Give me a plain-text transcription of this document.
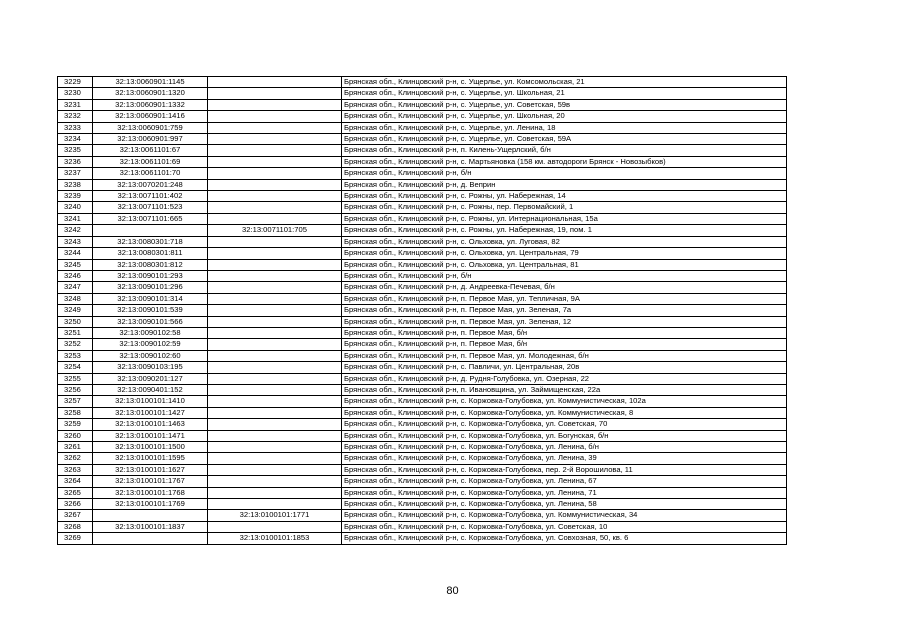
3229	32:13:0060901:1145		Брянская обл., Клинцовский р-н, с. Ущерлье, ул. Комсомольская, 21
3230	32:13:0060901:1320		Брянская обл., Клинцовский р-н, с. Ущерлье, ул. Школьная, 21
3231	32:13:0060901:1332		Брянская обл., Клинцовский р-н, с. Ущерлье, ул. Советская, 59в
3232	32:13:0060901:1416		Брянская обл., Клинцовский р-н, с. Ущерлье, ул. Школьная, 20
3233	32:13:0060901:759		Брянская обл., Клинцовский р-н, с. Ущерлье, ул. Ленина, 18
3234	32:13:0060901:997		Брянская обл., Клинцовский р-н, с. Ущерлье, ул. Советская, 59А
3235	32:13:0061101:67		Брянская обл., Клинцовский р-н, п. Килень-Ущерлский, б/н
3236	32:13:0061101:69		Брянская обл., Клинцовский р-н, с. Мартьяновка (158 км. автодороги Брянск - Новозыбков)
3237	32:13:0061101:70		Брянская обл., Клинцовский р-н, б/н
3238	32:13:0070201:248		Брянская обл., Клинцовский р-н, д. Веприн
3239	32:13:0071101:402		Брянская обл., Клинцовский р-н, с. Рожны, ул. Набережная, 14
3240	32:13:0071101:523		Брянская обл., Клинцовский р-н, с. Рожны, пер. Первомайский, 1
3241	32:13:0071101:665		Брянская обл., Клинцовский р-н, с. Рожны, ул. Интернациональная, 15а
3242		32:13:0071101:705	Брянская обл., Клинцовский р-н, с. Рожны, ул. Набережная, 19, пом. 1
3243	32:13:0080301:718		Брянская обл., Клинцовский р-н, с. Ольховка, ул. Луговая, 82
3244	32:13:0080301:811		Брянская обл., Клинцовский р-н, с. Ольховка, ул. Центральная, 79
3245	32:13:0080301:812		Брянская обл., Клинцовский р-н, с. Ольховка, ул. Центральная, 81
3246	32:13:0090101:293		Брянская обл., Клинцовский р-н, б/н
3247	32:13:0090101:296		Брянская обл., Клинцовский р-н, д. Андреевка-Печевая, б/н
3248	32:13:0090101:314		Брянская обл., Клинцовский р-н, п. Первое Мая, ул. Тепличная, 9А
3249	32:13:0090101:539		Брянская обл., Клинцовский р-н, п. Первое Мая, ул. Зеленая, 7а
3250	32:13:0090101:566		Брянская обл., Клинцовский р-н, п. Первое Мая, ул. Зеленая, 12
3251	32:13:0090102:58		Брянская обл., Клинцовский р-н, п. Первое Мая, б/н
3252	32:13:0090102:59		Брянская обл., Клинцовский р-н, п. Первое Мая, б/н
3253	32:13:0090102:60		Брянская обл., Клинцовский р-н, п. Первое Мая, ул. Молодежная, б/н
3254	32:13:0090103:195		Брянская обл., Клинцовский р-н, с. Павличи, ул. Центральная, 20в
3255	32:13:0090201:127		Брянская обл., Клинцовский р-н, д. Рудня-Голубовка, ул. Озерная, 22
3256	32:13:0090401:152		Брянская обл., Клинцовский р-н, п. Ивановщина, ул. Займищенская, 22а
3257	32:13:0100101:1410		Брянская обл., Клинцовский р-н, с. Коржовка-Голубовка, ул. Коммунистическая, 102а
3258	32:13:0100101:1427		Брянская обл., Клинцовский р-н, с. Коржовка-Голубовка, ул. Коммунистическая, 8
3259	32:13:0100101:1463		Брянская обл., Клинцовский р-н, с. Коржовка-Голубовка, ул. Советская, 70
3260	32:13:0100101:1471		Брянская обл., Клинцовский р-н, с. Коржовка-Голубовка, ул. Богунская, б/н
3261	32:13:0100101:1500		Брянская обл., Клинцовский р-н, с. Коржовка-Голубовка, ул. Ленина, б/н
3262	32:13:0100101:1595		Брянская обл., Клинцовский р-н, с. Коржовка-Голубовка, ул. Ленина, 39
3263	32:13:0100101:1627		Брянская обл., Клинцовский р-н, с. Коржовка-Голубовка, пер. 2-й Ворошилова, 11
3264	32:13:0100101:1767		Брянская обл., Клинцовский р-н, с. Коржовка-Голубовка, ул. Ленина, 67
3265	32:13:0100101:1768		Брянская обл., Клинцовский р-н, с. Коржовка-Голубовка, ул. Ленина, 71
3266	32:13:0100101:1769		Брянская обл., Клинцовский р-н, с. Коржовка-Голубовка, ул. Ленина, 58
3267		32:13:0100101:1771	Брянская обл., Клинцовский р-н, с. Коржовка-Голубовка, ул. Коммунистическая, 34
3268	32:13:0100101:1837		Брянская обл., Клинцовский р-н, с. Коржовка-Голубовка, ул. Советская, 10
3269		32:13:0100101:1853	Брянская обл., Клинцовский р-н, с. Коржовка-Голубовка, ул. Совхозная, 50, кв. 6
80
